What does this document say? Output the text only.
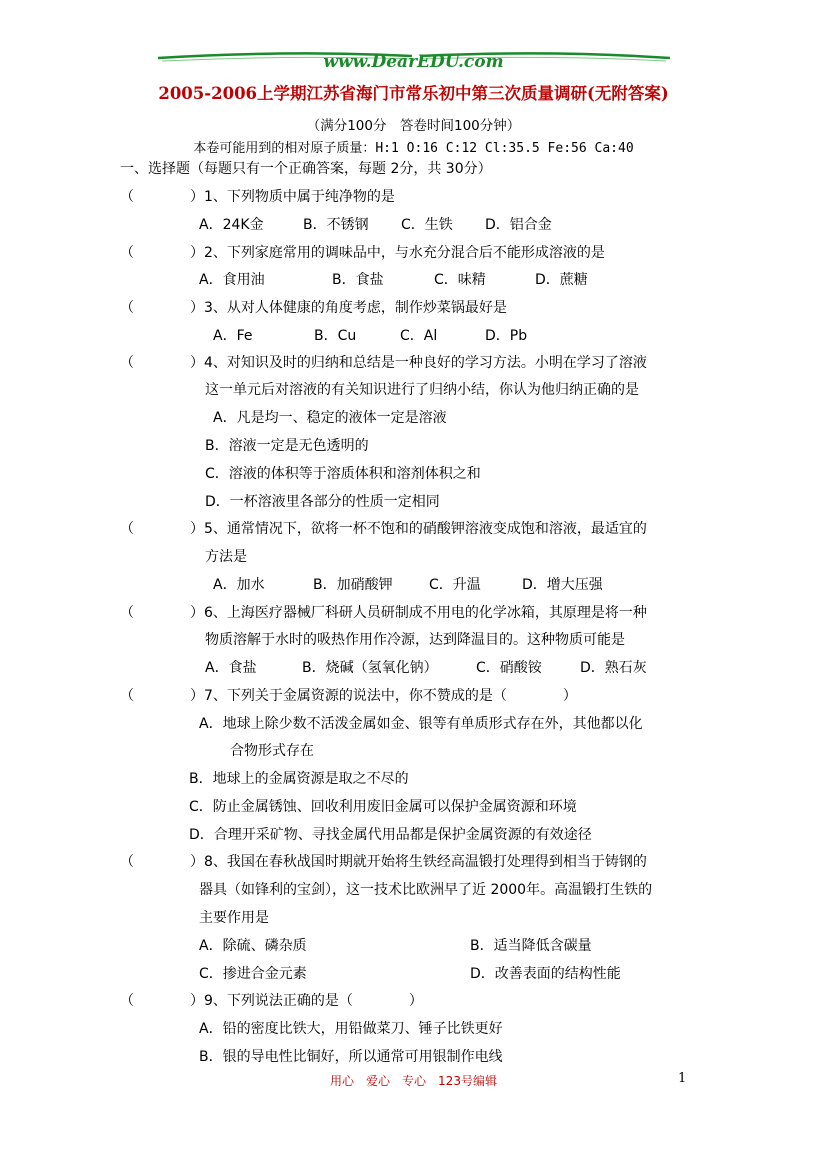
www.DearEDU.com
2005-2006上学期江苏省海门市常乐初中第三次质量调研(无附答案)
（满分100分　答卷时间100分钟）
本卷可能用到的相对原子质量：H:1 O:16 C:12 Cl:35.5 Fe:56 Ca:40
一、选择题（每题只有一个正确答案，每题 2分，共 30分）
（　　　　）1、下列物质中属于纯净物的是
A．24K金	B．不锈钢 C．生铁 D．铝合金
（　　　　）2、下列家庭常用的调味品中，与水充分混合后不能形成溶液的是
A．食用油	B．食盐	C．味精	D．蔗糖
（　　　　）3、从对人体健康的角度考虑，制作炒菜锅最好是
A．Fe	B．Cu	C．Al	D．Pb
（　　　　）4、对知识及时的归纳和总结是一种良好的学习方法。小明在学习了溶液
这一单元后对溶液的有关知识进行了归纳小结，你认为他归纳正确的是
A．凡是均一、稳定的液体一定是溶液
B．溶液一定是无色透明的
C．溶液的体积等于溶质体积和溶剂体积之和
D．一杯溶液里各部分的性质一定相同
（　　　　）5、通常情况下，欲将一杯不饱和的硝酸钾溶液变成饱和溶液，最适宜的
方法是
A．加水	B．加硝酸钾	C．升温	D．增大压强
（　　　　）6、上海医疗器械厂科研人员研制成不用电的化学冰箱，其原理是将一种
物质溶解于水时的吸热作用作冷源，达到降温目的。这种物质可能是
A．食盐	B．烧碱（氢氧化钠）	C．硝酸铵	D．熟石灰
（　　　　）7、下列关于金属资源的说法中，你不赞成的是（　　　　）
A．地球上除少数不活泼金属如金、银等有单质形式存在外，其他都以化
合物形式存在
B．地球上的金属资源是取之不尽的
C．防止金属锈蚀、回收利用废旧金属可以保护金属资源和环境
D．合理开采矿物、寻找金属代用品都是保护金属资源的有效途径
（　　　　）8、我国在春秋战国时期就开始将生铁经高温锻打处理得到相当于铸钢的
器具（如锋利的宝剑），这一技术比欧洲早了近 2000年。高温锻打生铁的
主要作用是
A．除硫、磷杂质	B．适当降低含碳量
C．掺进合金元素	D．改善表面的结构性能
（　　　　）9、下列说法正确的是（　　　　）
A．铅的密度比铁大，用铅做菜刀、锤子比铁更好
B．银的导电性比铜好，所以通常可用银制作电线
用心　爱心　专心　123号编辑	1
